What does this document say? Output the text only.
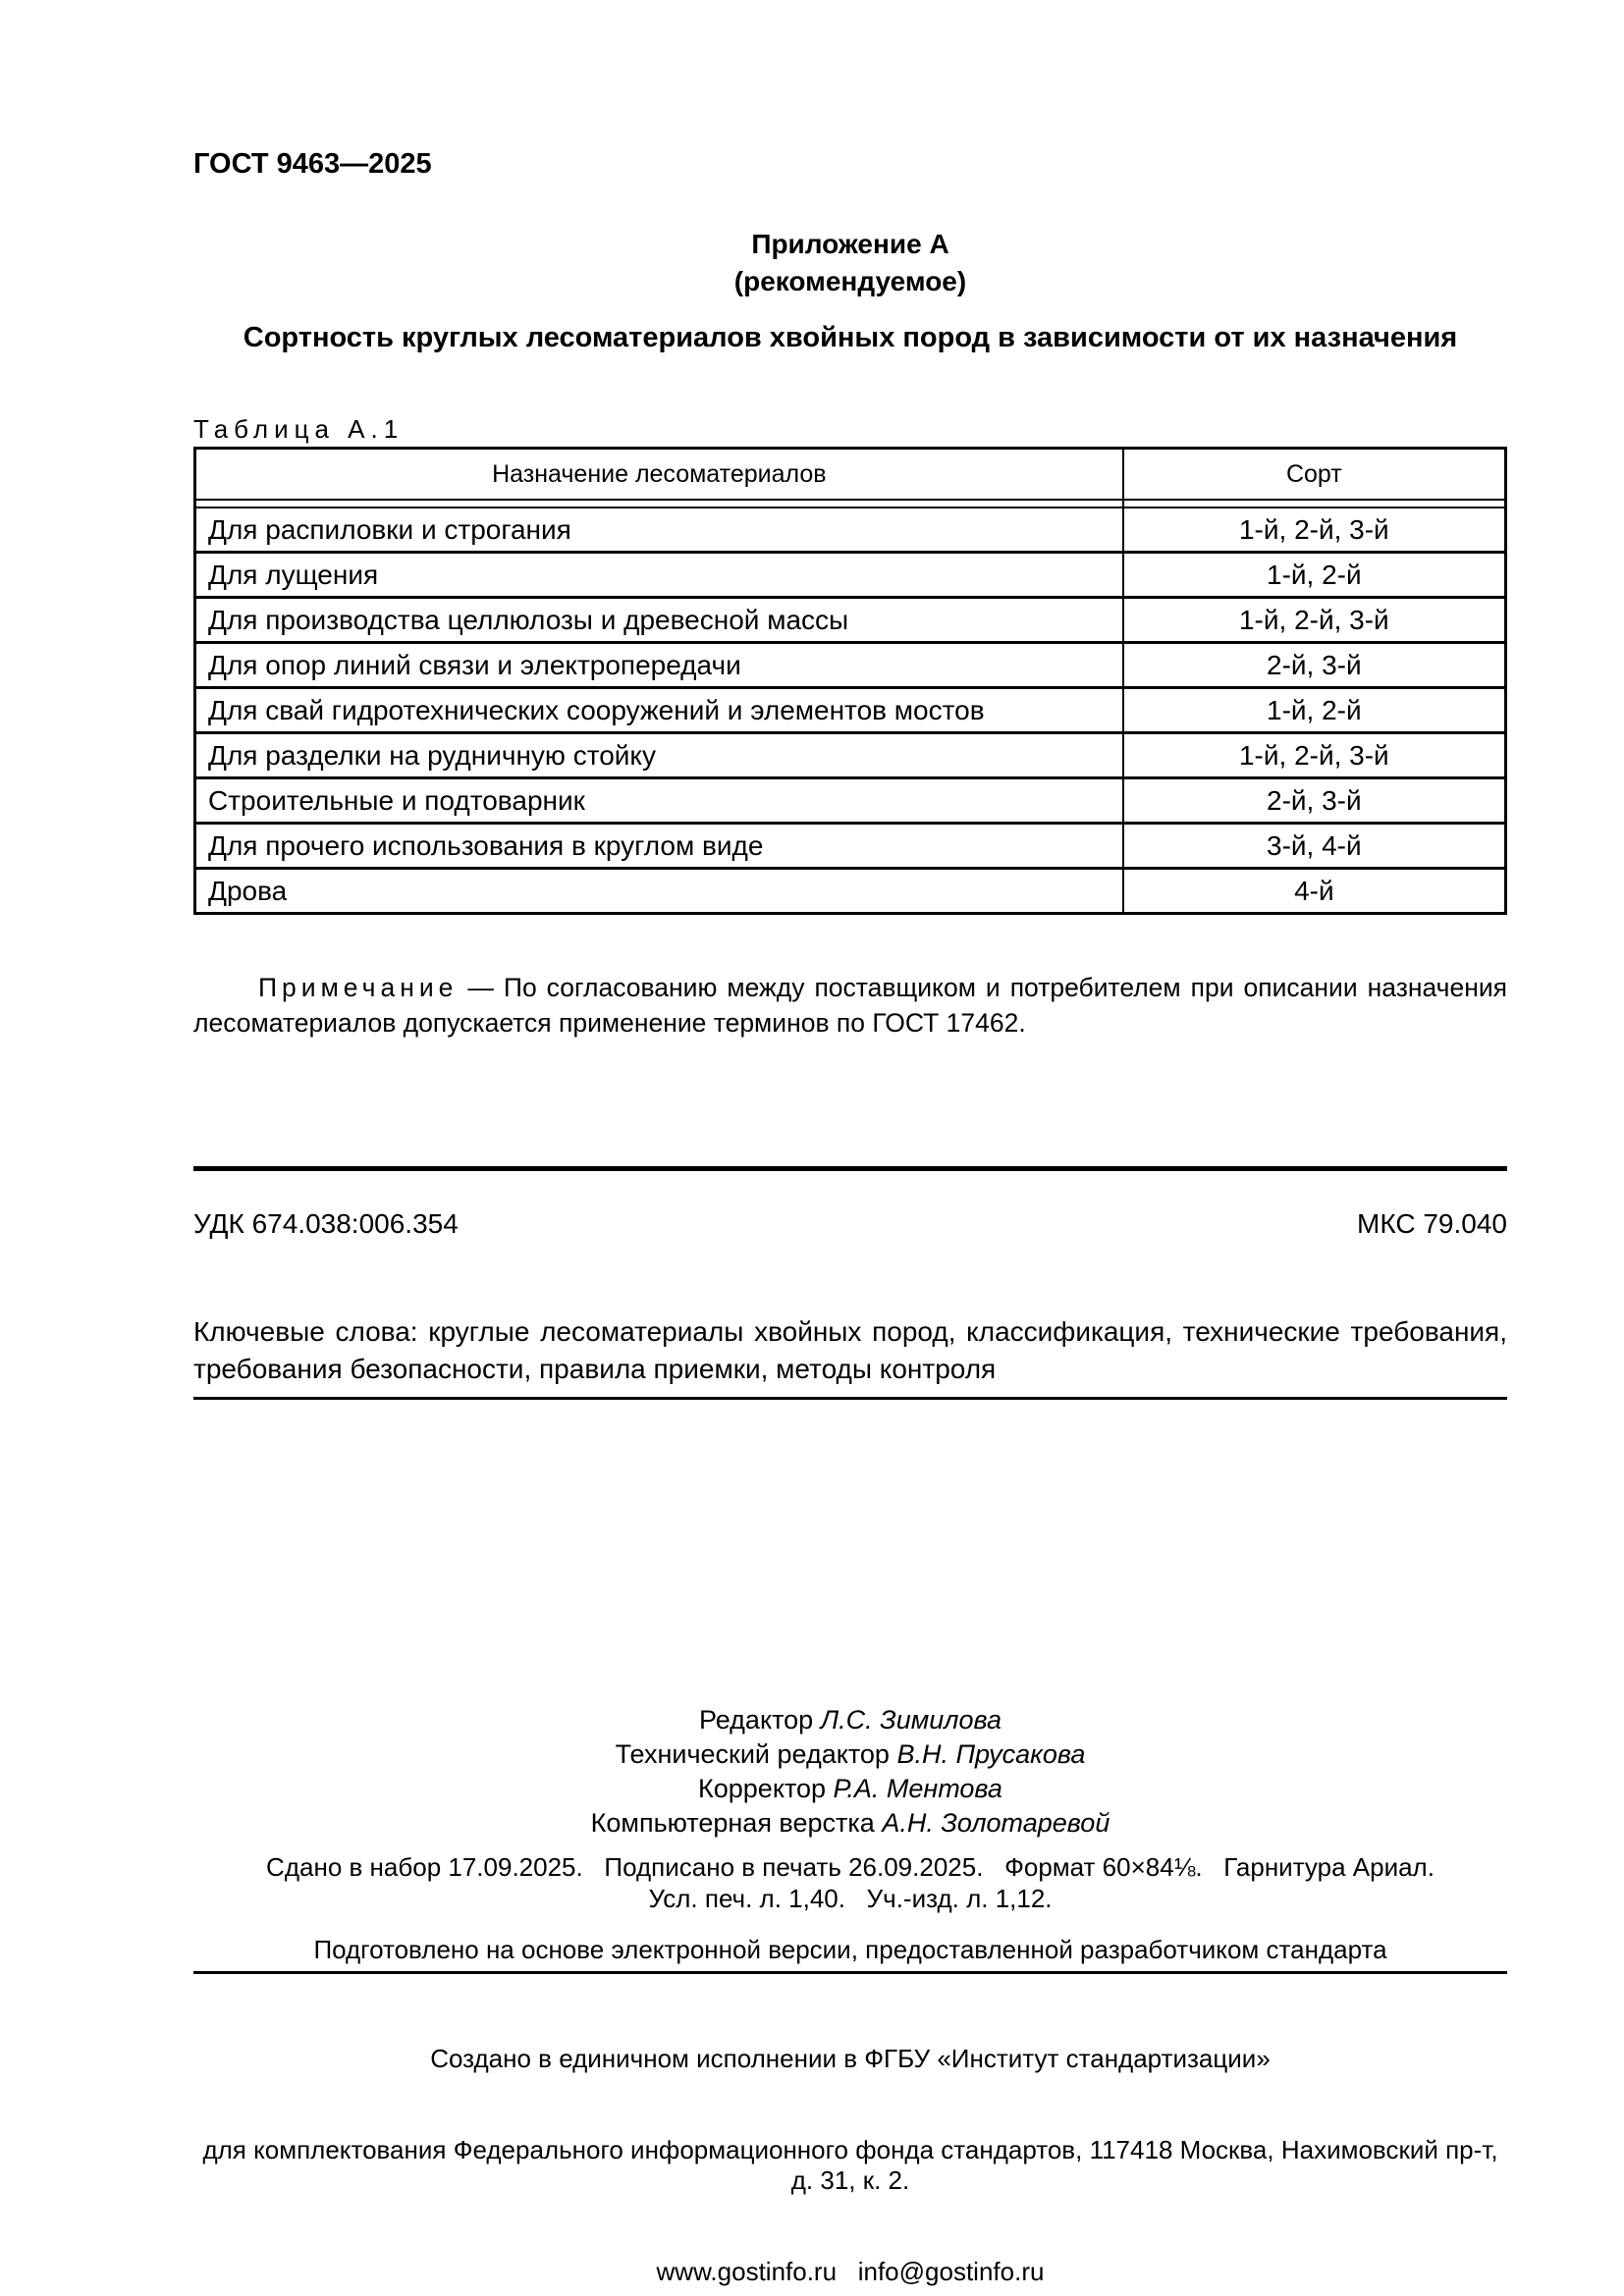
ГОСТ 9463—2025
Приложение А
(рекомендуемое)
Сортность круглых лесоматериалов хвойных пород в зависимости от их назначения
Таблица А.1
Назначение лесоматериалов	Сорт

Для распиловки и строгания	1-й, 2-й, 3-й
Для лущения	1-й, 2-й
Для производства целлюлозы и древесной массы	1-й, 2-й, 3-й
Для опор линий связи и электропередачи	2-й, 3-й
Для свай гидротехнических сооружений и элементов мостов	1-й, 2-й
Для разделки на рудничную стойку	1-й, 2-й, 3-й
Строительные и подтоварник	2-й, 3-й
Для прочего использования в круглом виде	3-й, 4-й
Дрова	4-й

Примечание — По согласованию между поставщиком и потребителем при описании назначения лесоматериалов допускается применение терминов по ГОСТ 17462.

УДК 674.038:006.354	МКС 79.040

Ключевые слова: круглые лесоматериалы хвойных пород, классификация, технические требования, требования безопасности, правила приемки, методы контроля

Редактор Л.С. Зимилова
Технический редактор В.Н. Прусакова
Корректор Р.А. Ментова
Компьютерная верстка А.Н. Золотаревой
Сдано в набор 17.09.2025.   Подписано в печать 26.09.2025.   Формат 60×84⅛.   Гарнитура Ариал.
Усл. печ. л. 1,40.   Уч.-изд. л. 1,12.
Подготовлено на основе электронной версии, предоставленной разработчиком стандарта

Создано в единичном исполнении в ФГБУ «Институт стандартизации»

для комплектования Федерального информационного фонда стандартов, 117418 Москва, Нахимовский пр-т, д. 31, к. 2.

www.gostinfo.ru   info@gostinfo.ru
